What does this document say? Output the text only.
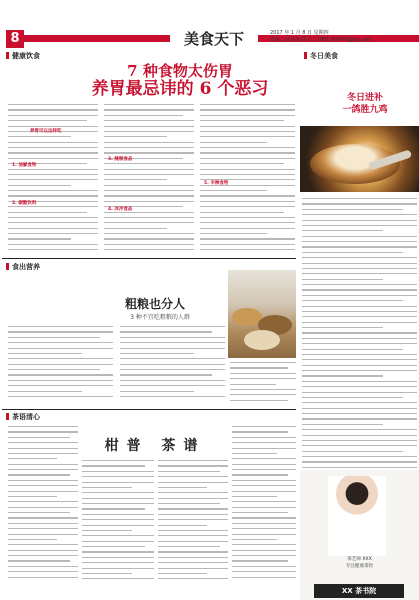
8	美食天下	2017 年 1 月 8 日 星期四
责编：赵进海 版式：1991765846@qq.com
健康饮食	冬日美食
食出营养
茶语清心
7 种食物太伤胃
养胃最忌讳的 6 个恶习
养胃可以这样吃
1. 油腻食物
2. 碳酸饮料
3. 腌制食品
4. 冰冷食品
5. 辛辣食物
冬日进补
一鸽胜九鸡
粗粮也分人
3 种不宜吃粗粮的人群
柑普 茶谱
茶艺师 XXX
专注健康茶饮
XX 茶书院
